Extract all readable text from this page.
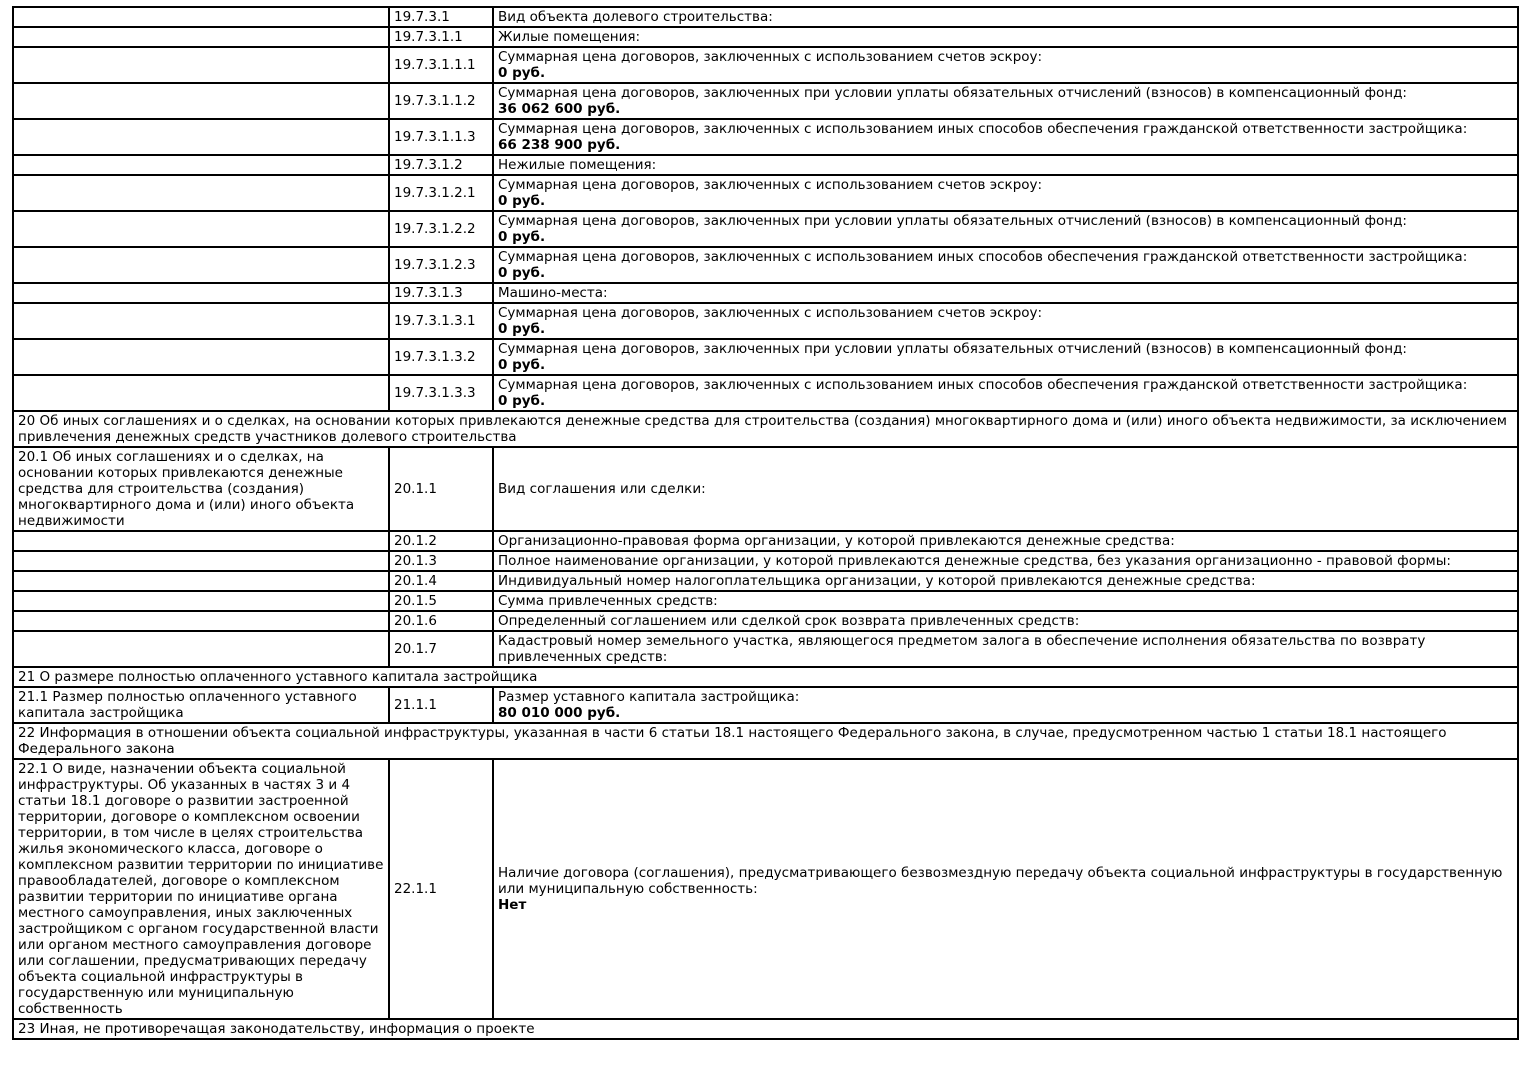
	19.7.3.1	Вид объекта долевого строительства:

	19.7.3.1.1	Жилые помещения:

	19.7.3.1.1.1	Суммарная цена договоров, заключенных с использованием счетов эскроу:
0 руб.

	19.7.3.1.1.2	Суммарная цена договоров, заключенных при условии уплаты обязательных отчислений (взносов) в компенсационный фонд:
36 062 600 руб.

	19.7.3.1.1.3	Суммарная цена договоров, заключенных с использованием иных способов обеспечения гражданской ответственности застройщика:
66 238 900 руб.

	19.7.3.1.2	Нежилые помещения:

	19.7.3.1.2.1	Суммарная цена договоров, заключенных с использованием счетов эскроу:
0 руб.

	19.7.3.1.2.2	Суммарная цена договоров, заключенных при условии уплаты обязательных отчислений (взносов) в компенсационный фонд:
0 руб.

	19.7.3.1.2.3	Суммарная цена договоров, заключенных с использованием иных способов обеспечения гражданской ответственности застройщика:
0 руб.

	19.7.3.1.3	Машино-места:

	19.7.3.1.3.1	Суммарная цена договоров, заключенных с использованием счетов эскроу:
0 руб.

	19.7.3.1.3.2	Суммарная цена договоров, заключенных при условии уплаты обязательных отчислений (взносов) в компенсационный фонд:
0 руб.

	19.7.3.1.3.3	Суммарная цена договоров, заключенных с использованием иных способов обеспечения гражданской ответственности застройщика:
0 руб.

20 Об иных соглашениях и о сделках, на основании которых привлекаются денежные средства для строительства (создания) многоквартирного дома и (или) иного объекта недвижимости, за исключением привлечения денежных средств участников долевого строительства		
20.1 Об иных соглашениях и о сделках, на основании которых привлекаются денежные средства для строительства (создания) многоквартирного дома и (или) иного объекта недвижимости	20.1.1	Вид соглашения или сделки:

	20.1.2	Организационно-правовая форма организации, у которой привлекаются денежные средства:

	20.1.3	Полное наименование организации, у которой привлекаются денежные средства, без указания организационно - правовой формы:

	20.1.4	Индивидуальный номер налогоплательщика организации, у которой привлекаются денежные средства:

	20.1.5	Сумма привлеченных средств:

	20.1.6	Определенный соглашением или сделкой срок возврата привлеченных средств:

	20.1.7	Кадастровый номер земельного участка, являющегося предметом залога в обеспечение исполнения обязательства по возврату привлеченных средств:

21 О размере полностью оплаченного уставного капитала застройщика		
21.1 Размер полностью оплаченного уставного капитала застройщика	21.1.1	Размер уставного капитала застройщика:
80 010 000 руб.

22 Информация в отношении объекта социальной инфраструктуры, указанная в части 6 статьи 18.1 настоящего Федерального закона, в случае, предусмотренном частью 1 статьи 18.1 настоящего Федерального закона		
22.1 О виде, назначении объекта социальной инфраструктуры. Об указанных в частях 3 и 4 статьи 18.1 договоре о развитии застроенной территории, договоре о комплексном освоении территории, в том числе в целях строительства жилья экономического класса, договоре о комплексном развитии территории по инициативе правообладателей, договоре о комплексном развитии территории по инициативе органа местного самоуправления, иных заключенных застройщиком с органом государственной власти или органом местного самоуправления договоре или соглашении, предусматривающих передачу объекта социальной инфраструктуры в государственную или муниципальную собственность	22.1.1	Наличие договора (соглашения), предусматривающего безвозмездную передачу объекта социальной инфраструктуры в государственную или муниципальную собственность:
Нет

23 Иная, не противоречащая законодательству, информация о проекте		
